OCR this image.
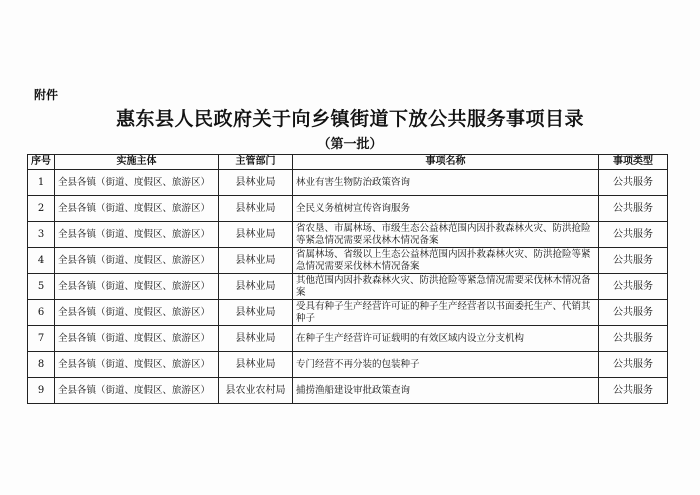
附件
惠东县人民政府关于向乡镇街道下放公共服务事项目录
（第一批）
序号	实施主体	主管部门	事项名称	事项类型
1	全县各镇（街道、度假区、旅游区）	县林业局	林业有害生物防治政策咨询	公共服务
2	全县各镇（街道、度假区、旅游区）	县林业局	全民义务植树宣传咨询服务	公共服务
3	全县各镇（街道、度假区、旅游区）	县林业局	省农垦、市属林场、市级生态公益林范围内因扑救森林火灾、防洪抢险等紧急情况需要采伐林木情况备案	公共服务
4	全县各镇（街道、度假区、旅游区）	县林业局	省属林场、省级以上生态公益林范围内因扑救森林火灾、防洪抢险等紧急情况需要采伐林木情况备案	公共服务
5	全县各镇（街道、度假区、旅游区）	县林业局	其他范围内因扑救森林火灾、防洪抢险等紧急情况需要采伐林木情况备案	公共服务
6	全县各镇（街道、度假区、旅游区）	县林业局	受具有种子生产经营许可证的种子生产经营者以书面委托生产、代销其种子	公共服务
7	全县各镇（街道、度假区、旅游区）	县林业局	在种子生产经营许可证载明的有效区域内设立分支机构	公共服务
8	全县各镇（街道、度假区、旅游区）	县林业局	专门经营不再分装的包装种子	公共服务
9	全县各镇（街道、度假区、旅游区）	县农业农村局	捕捞渔船建设审批政策查询	公共服务
